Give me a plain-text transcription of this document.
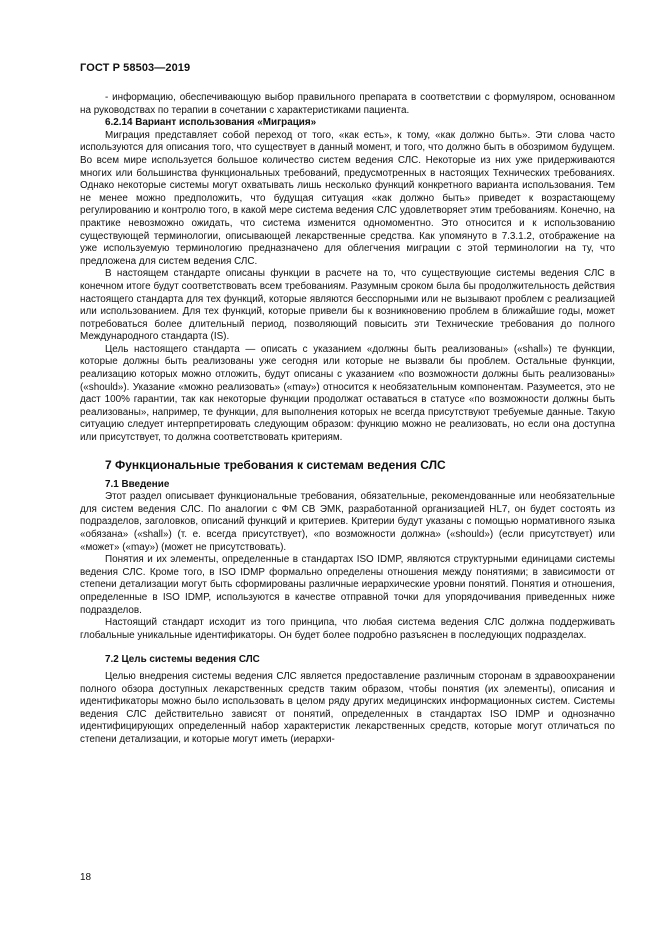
ГОСТ Р 58503—2019

- информацию, обеспечивающую выбор правильного препарата в соответствии с формуляром, основанном на руководствах по терапии в сочетании с характеристиками пациента.

6.2.14 Вариант использования «Миграция»

Миграция представляет собой переход от того, «как есть», к тому, «как должно быть». Эти слова часто используются для описания того, что существует в данный момент, и того, что должно быть в обозримом будущем. Во всем мире используется большое количество систем ведения СЛС. Некоторые из них уже придерживаются многих или большинства функциональных требований, предусмотренных в настоящих Технических требованиях. Однако некоторые системы могут охватывать лишь несколько функций конкретного варианта использования. Тем не менее можно предположить, что будущая ситуация «как должно быть» приведет к возрастающему регулированию и контролю того, в какой мере система ведения СЛС удовлетворяет этим требованиям. Конечно, на практике невозможно ожидать, что система изменится одномоментно. Это относится и к использованию существующей терминологии, описывающей лекарственные средства. Как упомянуто в 7.3.1.2, отображение на уже используемую терминологию предназначено для облегчения миграции с этой терминологии на ту, что предложена для систем ведения СЛС.

В настоящем стандарте описаны функции в расчете на то, что существующие системы ведения СЛС в конечном итоге будут соответствовать всем требованиям. Разумным сроком была бы продолжительность действия настоящего стандарта для тех функций, которые являются бесспорными или не вызывают проблем с реализацией или использованием. Для тех функций, которые привели бы к возникновению проблем в ближайшие годы, может потребоваться более длительный период, позволяющий повысить эти Технические требования до полного Международного стандарта (IS).

Цель настоящего стандарта — описать с указанием «должны быть реализованы» («shall») те функции, которые должны быть реализованы уже сегодня или которые не вызвали бы проблем. Остальные функции, реализацию которых можно отложить, будут описаны с указанием «по возможности должны быть реализованы» («should»). Указание «можно реализовать» («may») относится к необязательным компонентам. Разумеется, это не даст 100% гарантии, так как некоторые функции продолжат оставаться в статусе «по возможности должны быть реализованы», например, те функции, для выполнения которых не всегда присутствуют требуемые данные. Такую ситуацию следует интерпретировать следующим образом: функцию можно не реализовать, но если она доступна или присутствует, то должна соответствовать критериям.

7 Функциональные требования к системам ведения СЛС
7.1 Введение

Этот раздел описывает функциональные требования, обязательные, рекомендованные или необязательные для систем ведения СЛС. По аналогии с ФМ СВ ЭМК, разработанной организацией HL7, он будет состоять из подразделов, заголовков, описаний функций и критериев. Критерии будут указаны с помощью нормативного языка «обязана» («shall») (т. е. всегда присутствует), «по возможности должна» («should») (если присутствует) или «может» («may») (может не присутствовать).

Понятия и их элементы, определенные в стандартах ISO IDMP, являются структурными единицами системы ведения СЛС. Кроме того, в ISO IDMP формально определены отношения между понятиями; в зависимости от степени детализации могут быть сформированы различные иерархические уровни понятий. Понятия и отношения, определенные в ISO IDMP, используются в качестве отправной точки для упорядочивания приведенных ниже подразделов.

Настоящий стандарт исходит из того принципа, что любая система ведения СЛС должна поддерживать глобальные уникальные идентификаторы. Он будет более подробно разъяснен в последующих подразделах.

7.2 Цель системы ведения СЛС

Целью внедрения системы ведения СЛС является предоставление различным сторонам в здравоохранении полного обзора доступных лекарственных средств таким образом, чтобы понятия (их элементы), описания и идентификаторы можно было использовать в целом ряду других медицинских информационных систем. Системы ведения СЛС действительно зависят от понятий, определенных в стандартах ISO IDMP и однозначно идентифицирующих определенный набор характеристик лекарственных средств, которые могут отличаться по степени детализации, и которые могут иметь (иерархи-

18
